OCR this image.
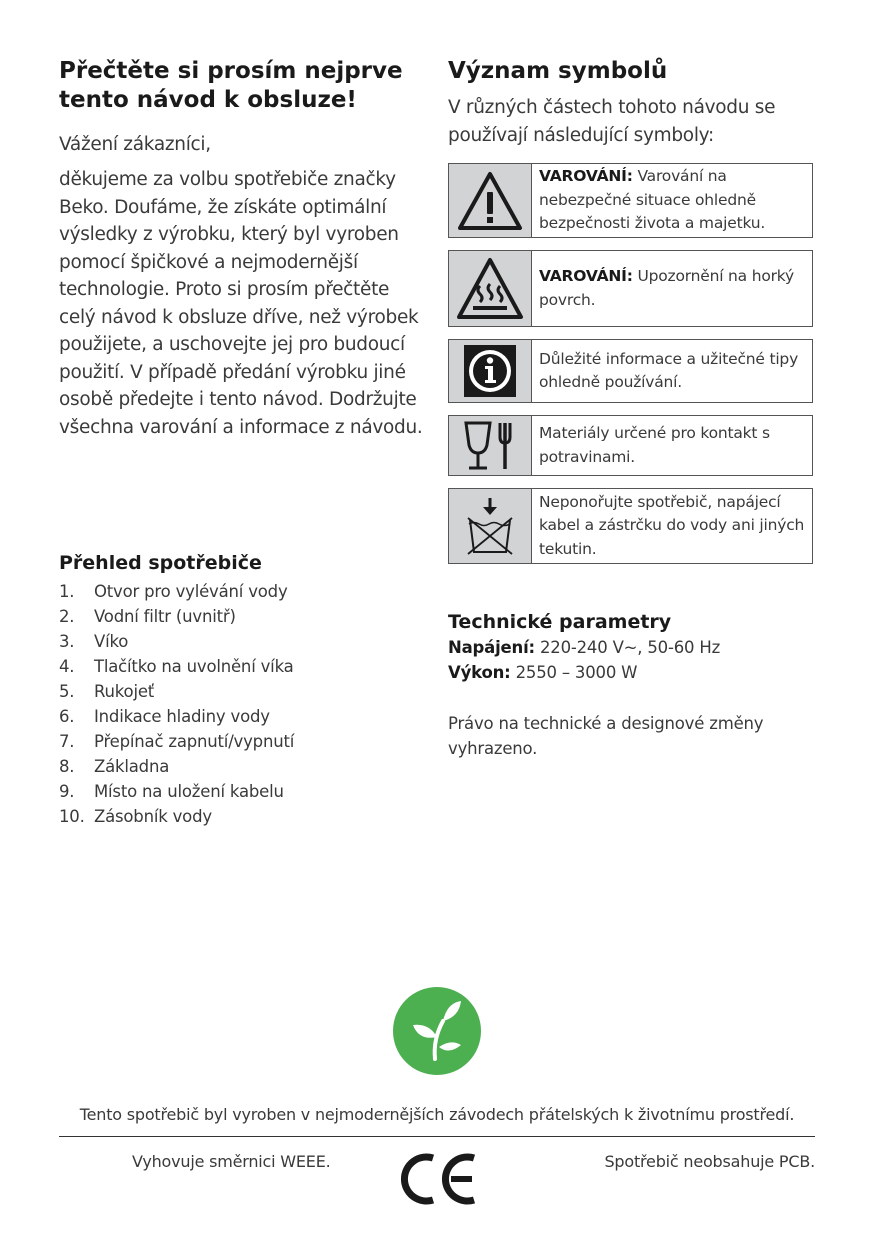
Přečtěte si prosím nejprve tento návod k obsluze!
Vážení zákazníci,
děkujeme za volbu spotřebiče značky Beko. Doufáme, že získáte optimální výsledky z výrobku, který byl vyroben pomocí špičkové a nejmodernější technologie. Proto si prosím přečtěte celý návod k obsluze dříve, než výrobek použijete, a uschovejte jej pro budoucí použití. V případě předání výrobku jiné osobě předejte i tento návod. Dodržujte všechna varování a informace z návodu.
Přehled spotřebiče
1.	Otvor pro vylévání vody
2.	Vodní filtr (uvnitř)
3.	Víko
4.	Tlačítko na uvolnění víka
5.	Rukojeť
6.	Indikace hladiny vody
7.	Přepínač zapnutí/vypnutí
8.	Základna
9.	Místo na uložení kabelu
10. Zásobník vody
Význam symbolů
V různých částech tohoto návodu se používají následující symboly:
VAROVÁNÍ: Varování na nebezpečné situace ohledně bezpečnosti života a majetku.
VAROVÁNÍ: Upozornění na horký povrch.
Důležité informace a užitečné tipy ohledně používání.
Materiály určené pro kontakt s potravinami.
Neponořujte spotřebič, napájecí kabel a zástrčku do vody ani jiných tekutin.
Technické parametry
Napájení: 220-240 V~, 50-60 Hz
Výkon: 2550 – 3000 W
Právo na technické a designové změny vyhrazeno.
Tento spotřebič byl vyroben v nejmodernějších závodech přátelských k životnímu prostředí.
Vyhovuje směrnici WEEE.	Spotřebič neobsahuje PCB.
